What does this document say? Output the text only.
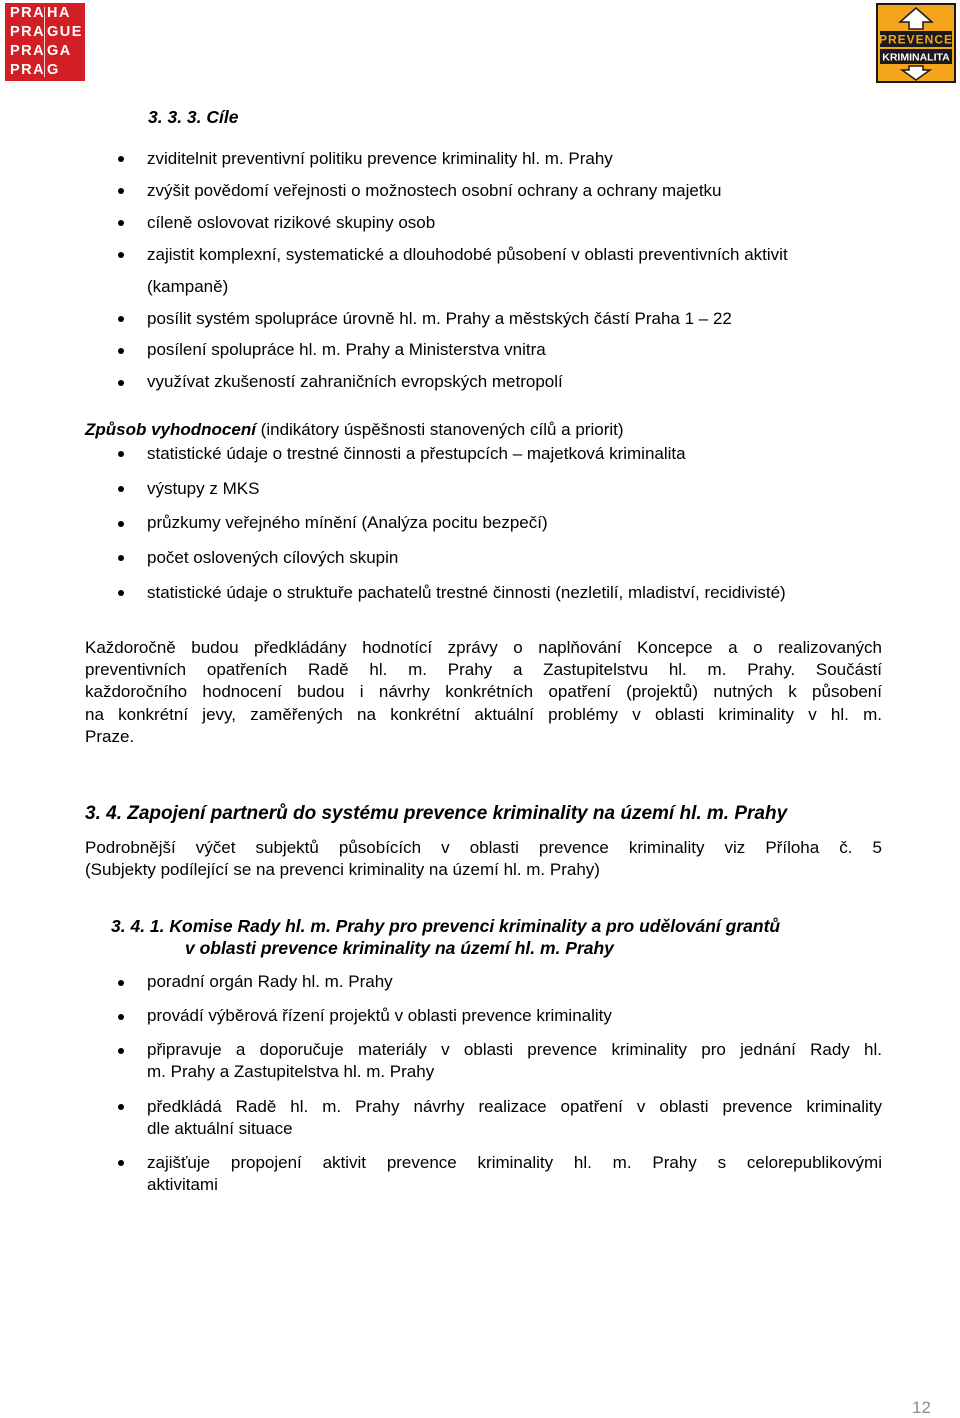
PRA HA
PRA GUE
PRA GA
PRA G
PREVENCE
KRIMINALITA
3. 3. 3. Cíle
zviditelnit preventivní politiku prevence kriminality hl. m. Prahy
zvýšit povědomí veřejnosti o možnostech osobní ochrany a ochrany majetku
cíleně oslovovat rizikové skupiny osob
zajistit komplexní, systematické a dlouhodobé působení v oblasti preventivních aktivit
(kampaně)
posílit systém spolupráce úrovně hl. m. Prahy a městských částí Praha 1 – 22
posílení spolupráce hl. m. Prahy a Ministerstva vnitra
využívat zkušeností zahraničních evropských metropolí
Způsob vyhodnocení (indikátory úspěšnosti stanovených cílů a priorit)
statistické údaje o trestné činnosti a přestupcích – majetková kriminalita
výstupy z MKS
průzkumy veřejného mínění (Analýza pocitu bezpečí)
počet oslovených cílových skupin
statistické údaje o struktuře pachatelů trestné činnosti (nezletilí, mladiství, recidivisté)
Každoročně budou předkládány hodnotící zprávy o naplňování Koncepce a o realizovaných
preventivních opatřeních Radě hl. m. Prahy a Zastupitelstvu hl. m. Prahy. Součástí
každoročního hodnocení budou i návrhy konkrétních opatření (projektů) nutných k působení
na konkrétní jevy, zaměřených na konkrétní aktuální problémy v oblasti kriminality v hl. m.
Praze.
3. 4. Zapojení partnerů do systému prevence kriminality na území hl. m. Prahy
Podrobnější výčet subjektů působících v oblasti prevence kriminality viz Příloha č. 5
(Subjekty podílející se na prevenci kriminality na území hl. m. Prahy)
3. 4. 1. Komise Rady hl. m. Prahy pro prevenci kriminality a pro udělování grantů
v oblasti prevence kriminality na území hl. m. Prahy
poradní orgán Rady hl. m. Prahy
provádí výběrová řízení projektů v oblasti prevence kriminality
připravuje a doporučuje materiály v oblasti prevence kriminality pro jednání Rady hl.
m. Prahy a Zastupitelstva hl. m. Prahy
předkládá Radě hl. m. Prahy návrhy realizace opatření v oblasti prevence kriminality
dle aktuální situace
zajišťuje propojení aktivit prevence kriminality hl. m. Prahy s celorepublikovými
aktivitami
12
